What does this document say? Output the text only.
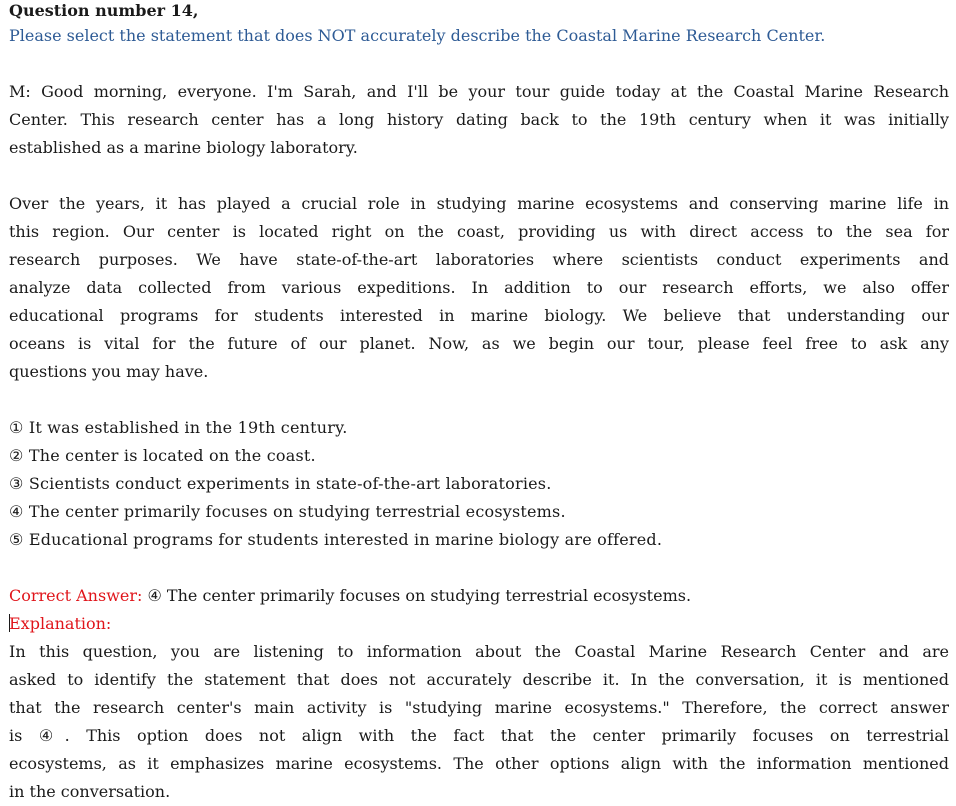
Question number 14,
Please select the statement that does NOT accurately describe the Coastal Marine Research Center.
M: Good morning, everyone. I'm Sarah, and I'll be your tour guide today at the Coastal Marine Research
Center. This research center has a long history dating back to the 19th century when it was initially
established as a marine biology laboratory.
Over the years, it has played a crucial role in studying marine ecosystems and conserving marine life in
this region. Our center is located right on the coast, providing us with direct access to the sea for
research purposes. We have state-of-the-art laboratories where scientists conduct experiments and
analyze data collected from various expeditions. In addition to our research efforts, we also offer
educational programs for students interested in marine biology. We believe that understanding our
oceans is vital for the future of our planet. Now, as we begin our tour, please feel free to ask any
questions you may have.
① It was established in the 19th century.
② The center is located on the coast.
③ Scientists conduct experiments in state-of-the-art laboratories.
④ The center primarily focuses on studying terrestrial ecosystems.
⑤ Educational programs for students interested in marine biology are offered.
Correct Answer: ④ The center primarily focuses on studying terrestrial ecosystems.
Explanation:
In this question, you are listening to information about the Coastal Marine Research Center and are
asked to identify the statement that does not accurately describe it. In the conversation, it is mentioned
that the research center's main activity is "studying marine ecosystems." Therefore, the correct answer
is ④. This option does not align with the fact that the center primarily focuses on terrestrial
ecosystems, as it emphasizes marine ecosystems. The other options align with the information mentioned
in the conversation.
